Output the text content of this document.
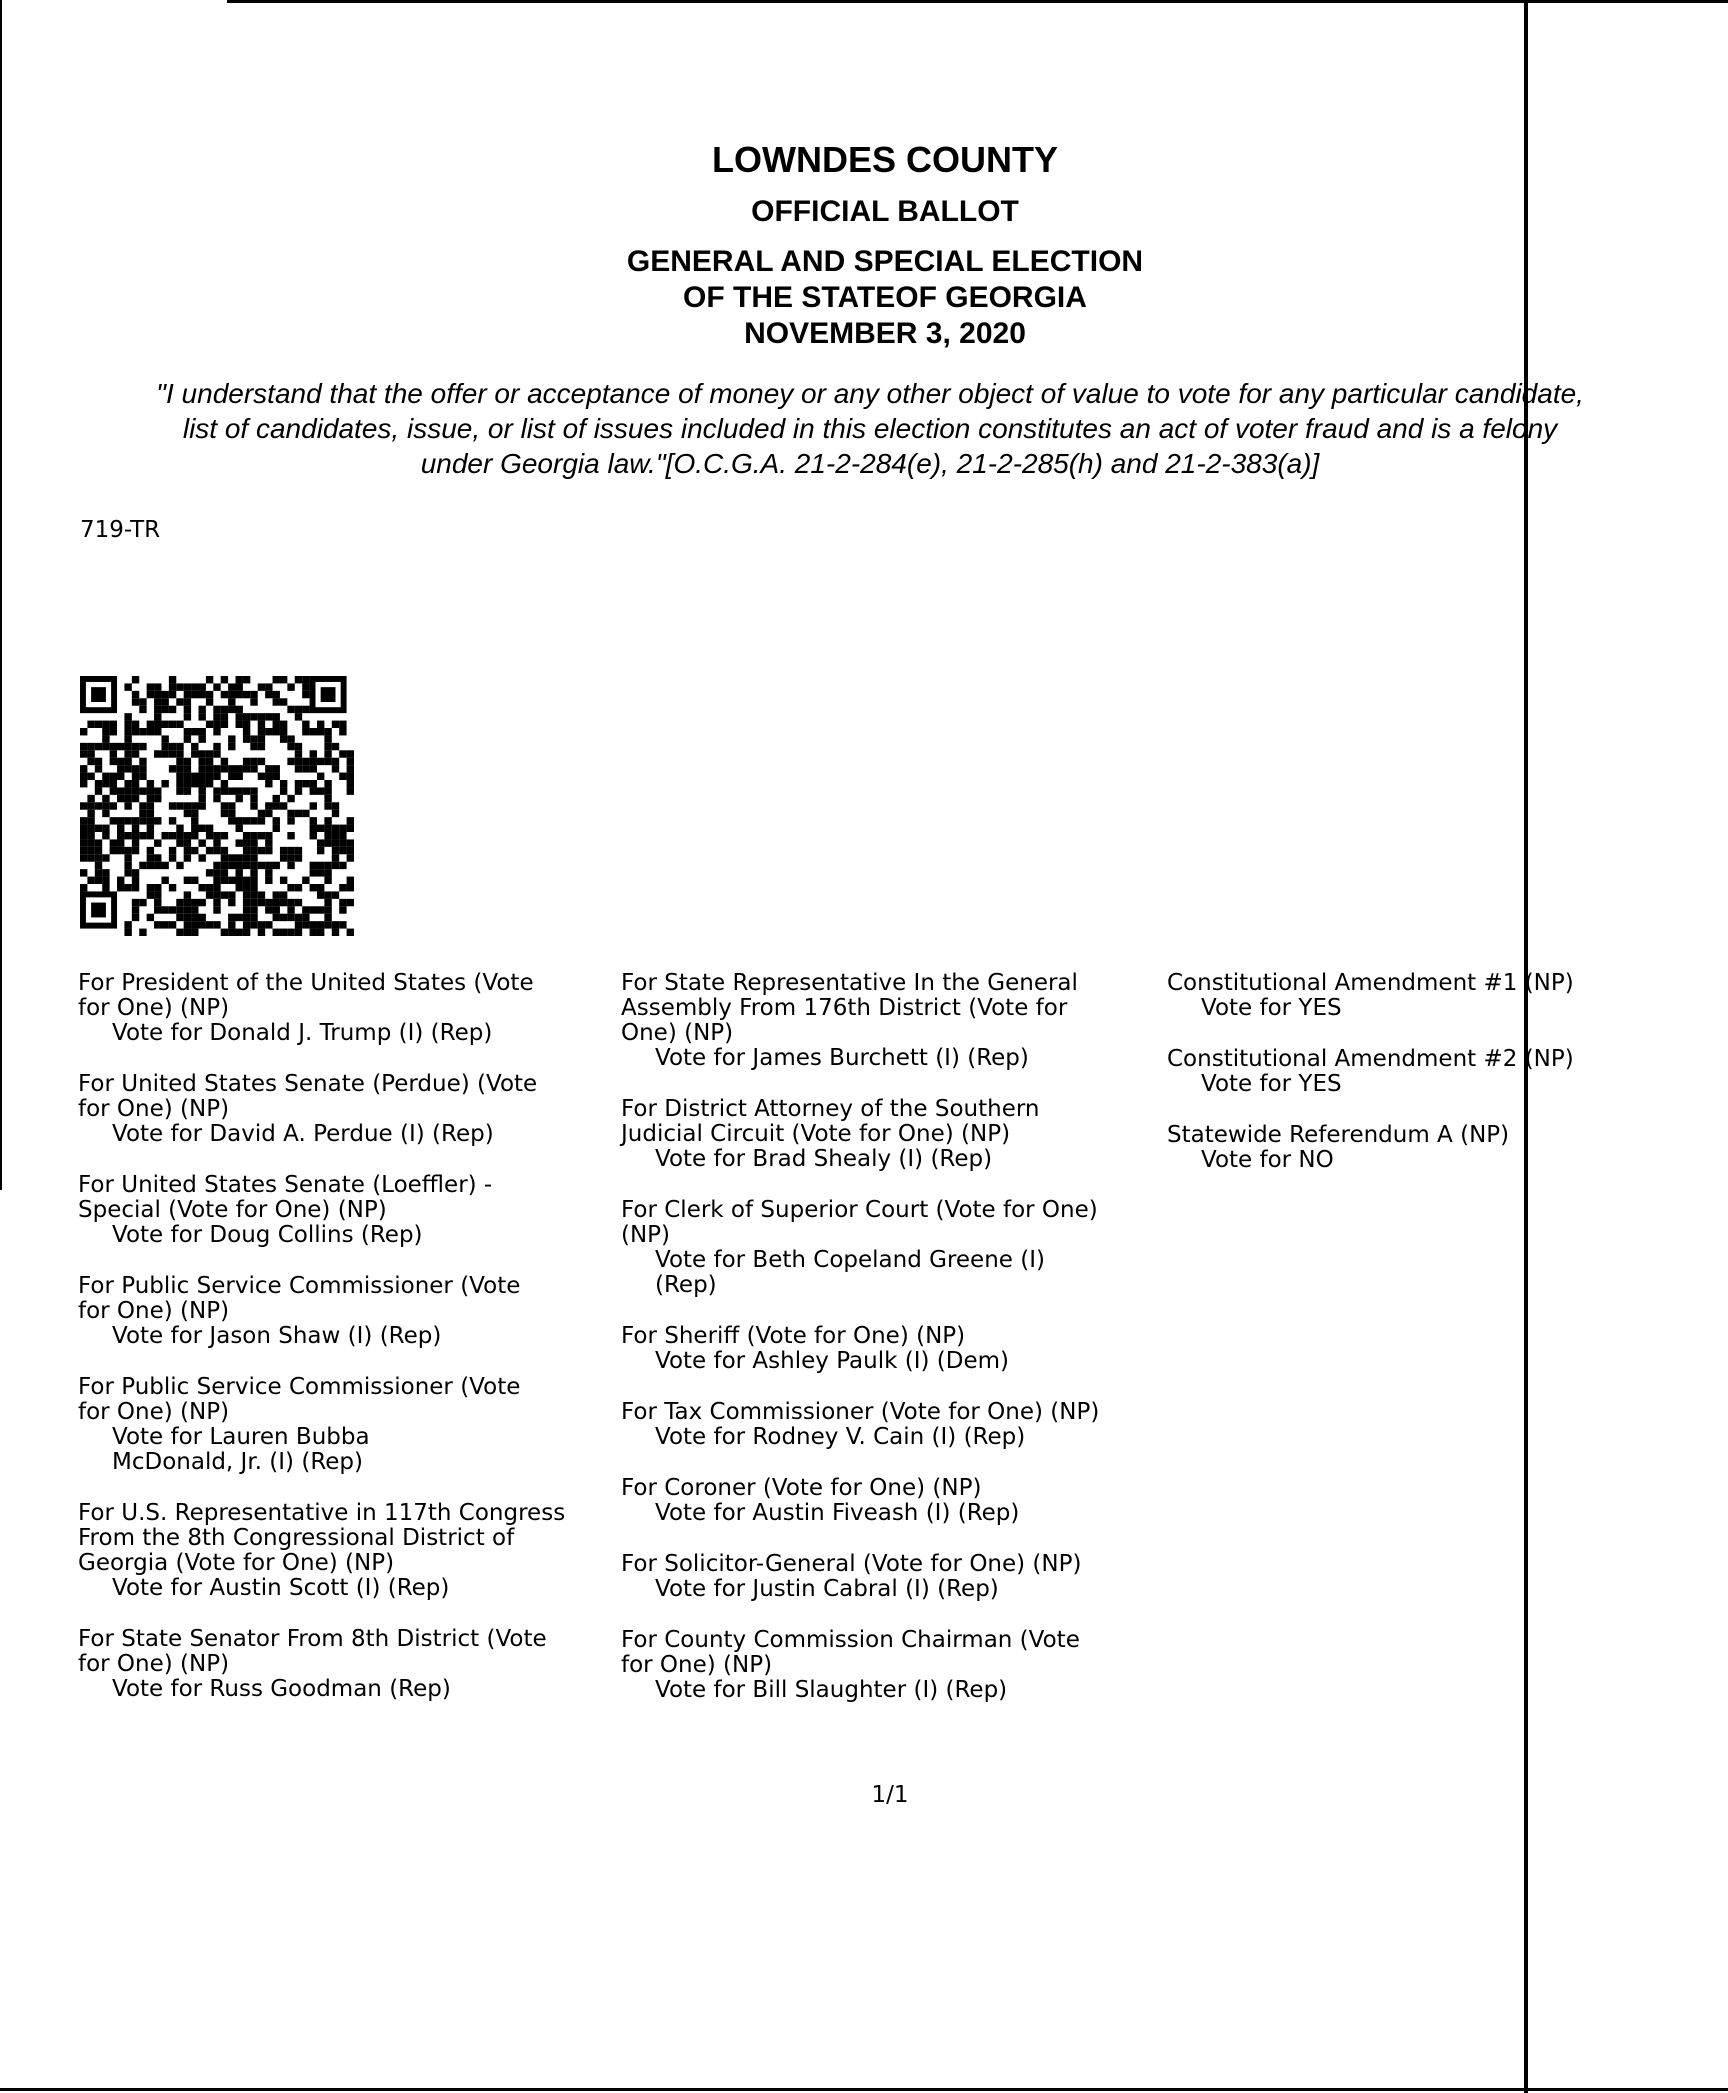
LOWNDES COUNTY
OFFICIAL BALLOT
GENERAL AND SPECIAL ELECTION
OF THE STATEOF GEORGIA
NOVEMBER 3, 2020
"I understand that the offer or acceptance of money or any other object of value to vote for any particular candidate,
list of candidates, issue, or list of issues included in this election constitutes an act of voter fraud and is a felony
under Georgia law."[O.C.G.A. 21-2-284(e), 21-2-285(h) and 21-2-383(a)]
719-TR
For President of the United States (Vote
for One) (NP)
Vote for Donald J. Trump (I) (Rep)
For United States Senate (Perdue) (Vote
for One) (NP)
Vote for David A. Perdue (I) (Rep)
For United States Senate (Loeffler) -
Special (Vote for One) (NP)
Vote for Doug Collins (Rep)
For Public Service Commissioner (Vote
for One) (NP)
Vote for Jason Shaw (I) (Rep)
For Public Service Commissioner (Vote
for One) (NP)
Vote for Lauren Bubba
McDonald, Jr. (I) (Rep)
For U.S. Representative in 117th Congress
From the 8th Congressional District of
Georgia (Vote for One) (NP)
Vote for Austin Scott (I) (Rep)
For State Senator From 8th District (Vote
for One) (NP)
Vote for Russ Goodman (Rep)
For State Representative In the General
Assembly From 176th District (Vote for
One) (NP)
Vote for James Burchett (I) (Rep)
For District Attorney of the Southern
Judicial Circuit (Vote for One) (NP)
Vote for Brad Shealy (I) (Rep)
For Clerk of Superior Court (Vote for One)
(NP)
Vote for Beth Copeland Greene (I)
(Rep)
For Sheriff (Vote for One) (NP)
Vote for Ashley Paulk (I) (Dem)
For Tax Commissioner (Vote for One) (NP)
Vote for Rodney V. Cain (I) (Rep)
For Coroner (Vote for One) (NP)
Vote for Austin Fiveash (I) (Rep)
For Solicitor-General (Vote for One) (NP)
Vote for Justin Cabral (I) (Rep)
For County Commission Chairman (Vote
for One) (NP)
Vote for Bill Slaughter (I) (Rep)
Constitutional Amendment #1 (NP)
Vote for YES
Constitutional Amendment #2 (NP)
Vote for YES
Statewide Referendum A (NP)
Vote for NO
1/1
